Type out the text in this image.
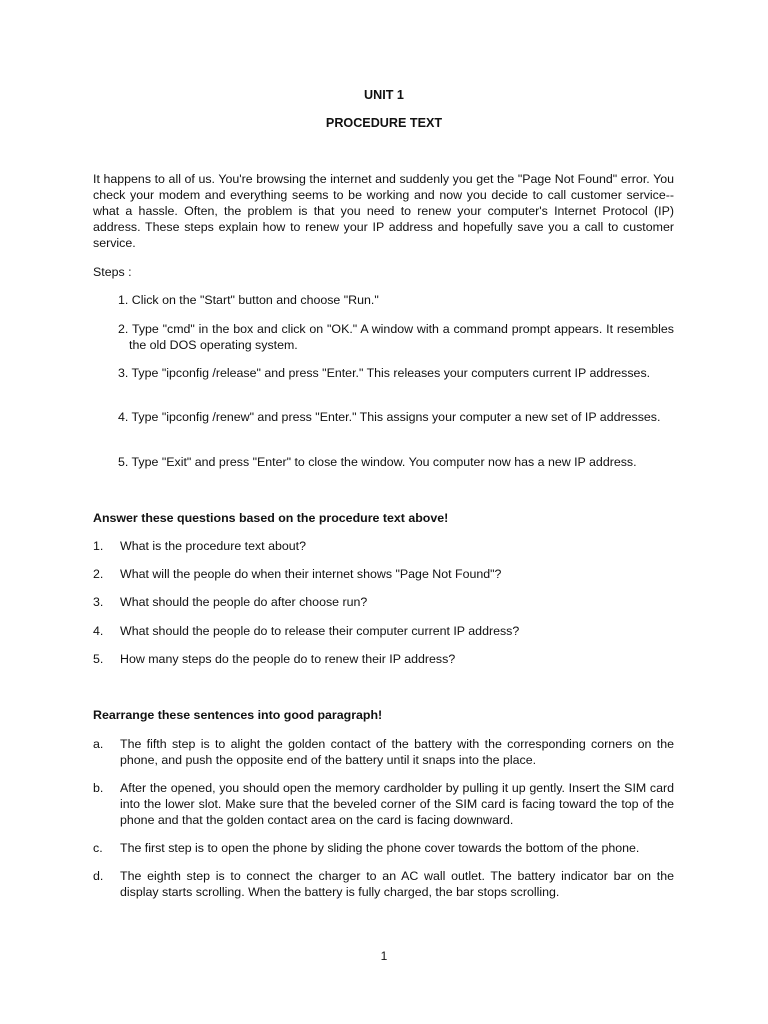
UNIT 1
PROCEDURE TEXT
It happens to all of us. You're browsing the internet and suddenly you get the "Page Not Found" error. You check your modem and everything seems to be working and now you decide to call customer service--what a hassle. Often, the problem is that you need to renew your computer's Internet Protocol (IP) address. These steps explain how to renew your IP address and hopefully save you a call to customer service.
Steps :
1. Click on the "Start" button and choose "Run."
2. Type "cmd" in the box and click on "OK." A window with a command prompt appears. It resembles the old DOS operating system.
3. Type "ipconfig /release" and press "Enter." This releases your computers current IP addresses.
4. Type "ipconfig /renew" and press "Enter." This assigns your computer a new set of IP addresses.
5. Type "Exit" and press "Enter" to close the window. You computer now has a new IP address.
Answer these questions based on the procedure text above!
1.	What is the procedure text about?
2.	What will the people do when their internet shows "Page Not Found"?
3.	What should the people do after choose run?
4.	What should the people do to release their computer current IP address?
5.	How many steps do the people do to renew their IP address?
Rearrange these sentences into good paragraph!
a.	The fifth step is to alight the golden contact of the battery with the corresponding corners on the phone, and push the opposite end of the battery until it snaps into the place.
b.	After the opened, you should open the memory cardholder by pulling it up gently. Insert the SIM card into the lower slot. Make sure that the beveled corner of the SIM card is facing toward the top of the phone and that the golden contact area on the card is facing downward.
c.	The first step is to open the phone by sliding the phone cover towards the bottom of the phone.
d.	The eighth step is to connect the charger to an AC wall outlet. The battery indicator bar on the display starts scrolling. When the battery is fully charged, the bar stops scrolling.
1
